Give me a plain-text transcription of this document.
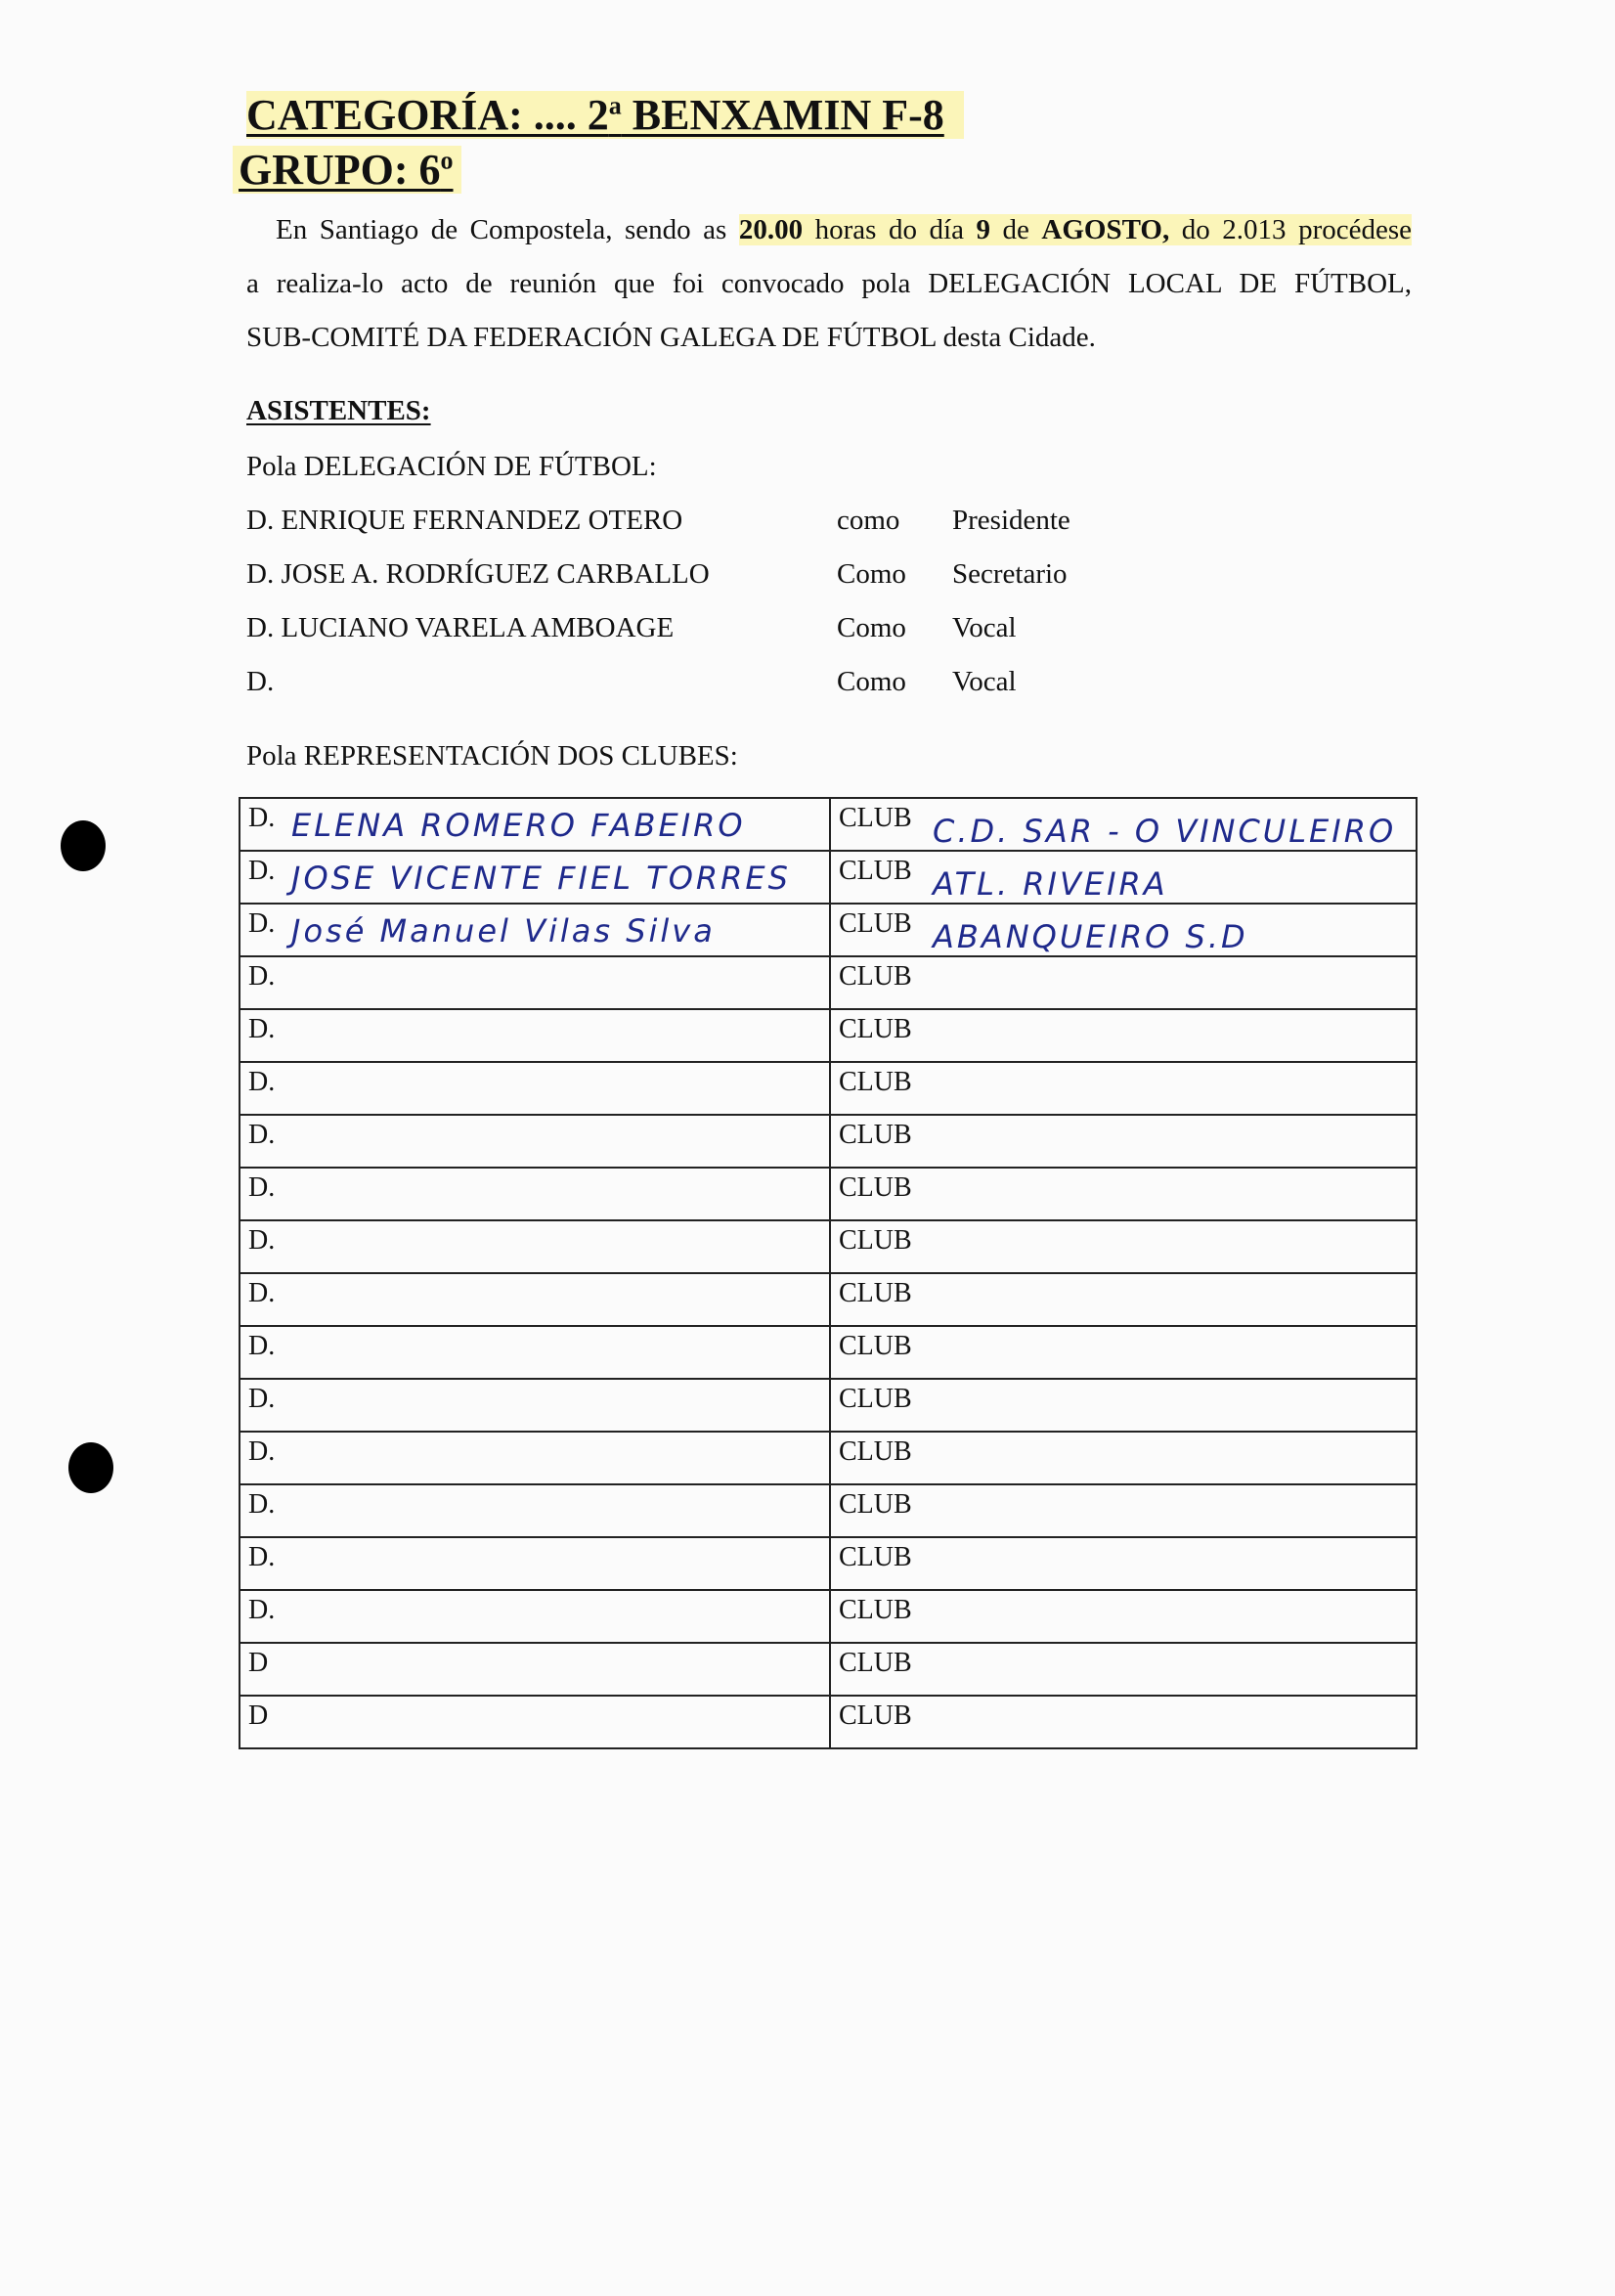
CATEGORÍA: .... 2$^a$ BENXAMIN F-8
GRUPO: 6$^o$

En Santiago de Compostela, sendo as 20.00 horas do día 9 de AGOSTO, do 2.013 procédese

a realiza-lo acto de reunión que foi convocado pola DELEGACIÓN LOCAL DE FÚTBOL,

SUB-COMITÉ DA FEDERACIÓN GALEGA DE FÚTBOL desta Cidade.

ASISTENTES:

Pola DELEGACIÓN DE FÚTBOL:

D. ENRIQUE FERNANDEZ OTERO	como Presidente
D. JOSE A. RODRÍGUEZ CARBALLO	Como Secretario
D. LUCIANO VARELA AMBOAGE	Como Vocal
D.	Como Vocal

Pola REPRESENTACIÓN DOS CLUBES:

D. ELENA ROMERO FABEIRO	CLUB C.D. SAR - O VINCULEIRO

D. JOSE VICENTE FIEL TORRES	CLUB ATL. RIVEIRA

D. José Manuel Vilas Silva	CLUB ABANQUEIRO S.D

D.	CLUB

D.	CLUB

D.	CLUB

D.	CLUB

D.	CLUB

D.	CLUB

D.	CLUB

D.	CLUB

D.	CLUB

D.	CLUB

D.	CLUB

D.	CLUB

D.	CLUB

D	CLUB

D	CLUB
